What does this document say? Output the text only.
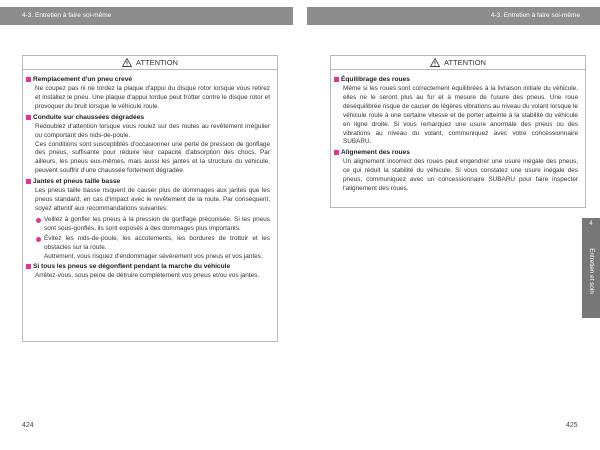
4-3. Entretien à faire soi-même	4-3. Entretien à faire soi-même
ATTENTION
Remplacement d'un pneu crevé
Ne coupez pas ni ne tordez la plaque d'appui du disque rotor lorsque vous retirez et installez le pneu. Une plaque d'appui tordue peut frotter contre le disque rotor et provoquer du bruit lorsque le véhicule roule.
Conduite sur chaussées dégradées
Redoublez d'attention lorsque vous roulez sur des routes au revêtement irrégulier ou comportant des nids-de-poule.
Ces conditions sont susceptibles d'occasionner une perte de pression de gonflage des pneus, suffisante pour réduire leur capacité d'absorption des chocs. Par ailleurs, les pneus eux-mêmes, mais aussi les jantes et la structure du véhicule, peuvent souffrir d'une chaussée fortement dégradée.
Jantes et pneus taille basse
Les pneus taille basse risquent de causer plus de dommages aux jantes que les pneus standard, en cas d'impact avec le revêtement de la route. Par conséquent, soyez attentif aux recommandations suivantes:
Veillez à gonfler les pneus à la pression de gonflage préconisée. Si les pneus sont sous-gonflés, ils sont exposés à des dommages plus importants.
Évitez les nids-de-poule, les accotements, les bordures de trottoir et les obstacles sur la route.
Autrement, vous risquez d'endommager sévèrement vos pneus et vos jantes.
Si tous les pneus se dégonflent pendant la marche du véhicule
Arrêtez-vous, sous peine de détruire complètement vos pneus et/ou vos jantes.
ATTENTION
Équilibrage des roues
Même si les roues sont correctement équilibrées à la livraison initiale du véhicule, elles ne le seront plus au fur et à mesure de l'usure des pneus. Une roue déséquilibrée risque de causer de légères vibrations au niveau du volant lorsque le véhicule roule à une certaine vitesse et de porter atteinte à la stabilité du véhicule en ligne droite. Si vous remarquez une usure anormale des pneus ou des vibrations au niveau du volant, communiquez avec votre concessionnaire SUBARU.
Alignement des roues
Un alignement incorrect des roues peut engendrer une usure inégale des pneus, ce qui réduit la stabilité du véhicule. Si vous constatez une usure inégale des pneus, communiquez avec un concessionnaire SUBARU pour faire inspecter l'alignement des roues.
4
Entretien et soin
424	425
